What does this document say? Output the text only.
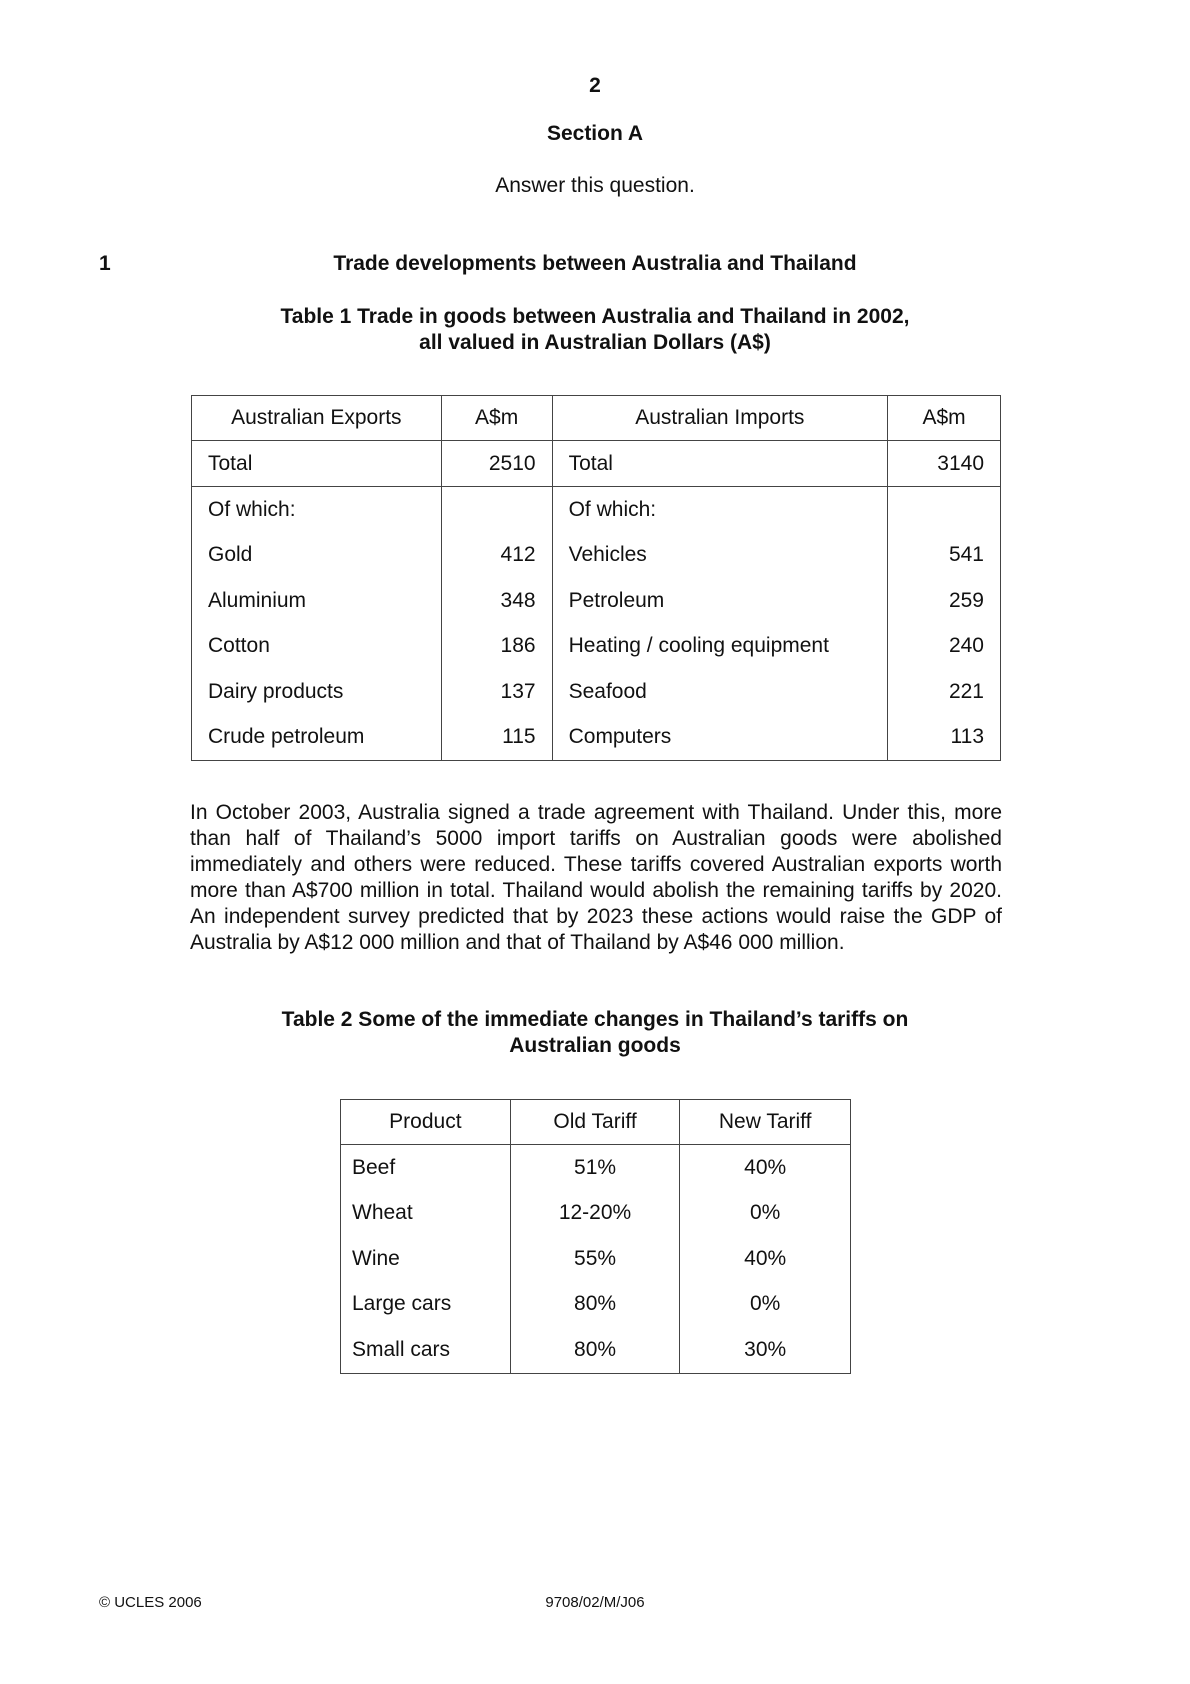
2
Section A
Answer this question.
1	Trade developments between Australia and Thailand
Table 1 Trade in goods between Australia and Thailand in 2002,
all valued in Australian Dollars (A$)
Australian Exports	A$m	Australian Imports	A$m
Total	2510	Total	3140
Of which:		Of which:	
Gold	412	Vehicles	541
Aluminium	348	Petroleum	259
Cotton	186	Heating / cooling equipment	240
Dairy products	137	Seafood	221
Crude petroleum	115	Computers	113
In October 2003, Australia signed a trade agreement with Thailand. Under this, more than half of Thailand’s 5000 import tariffs on Australian goods were abolished immediately and others were reduced. These tariffs covered Australian exports worth more than A$700 million in total. Thailand would abolish the remaining tariffs by 2020. An independent survey predicted that by 2023 these actions would raise the GDP of Australia by A$12 000 million and that of Thailand by A$46 000 million.
Table 2 Some of the immediate changes in Thailand’s tariffs on
Australian goods
Product	Old Tariff	New Tariff
Beef	51%	40%
Wheat	12-20%	0%
Wine	55%	40%
Large cars	80%	0%
Small cars	80%	30%
© UCLES 2006	9708/02/M/J06
